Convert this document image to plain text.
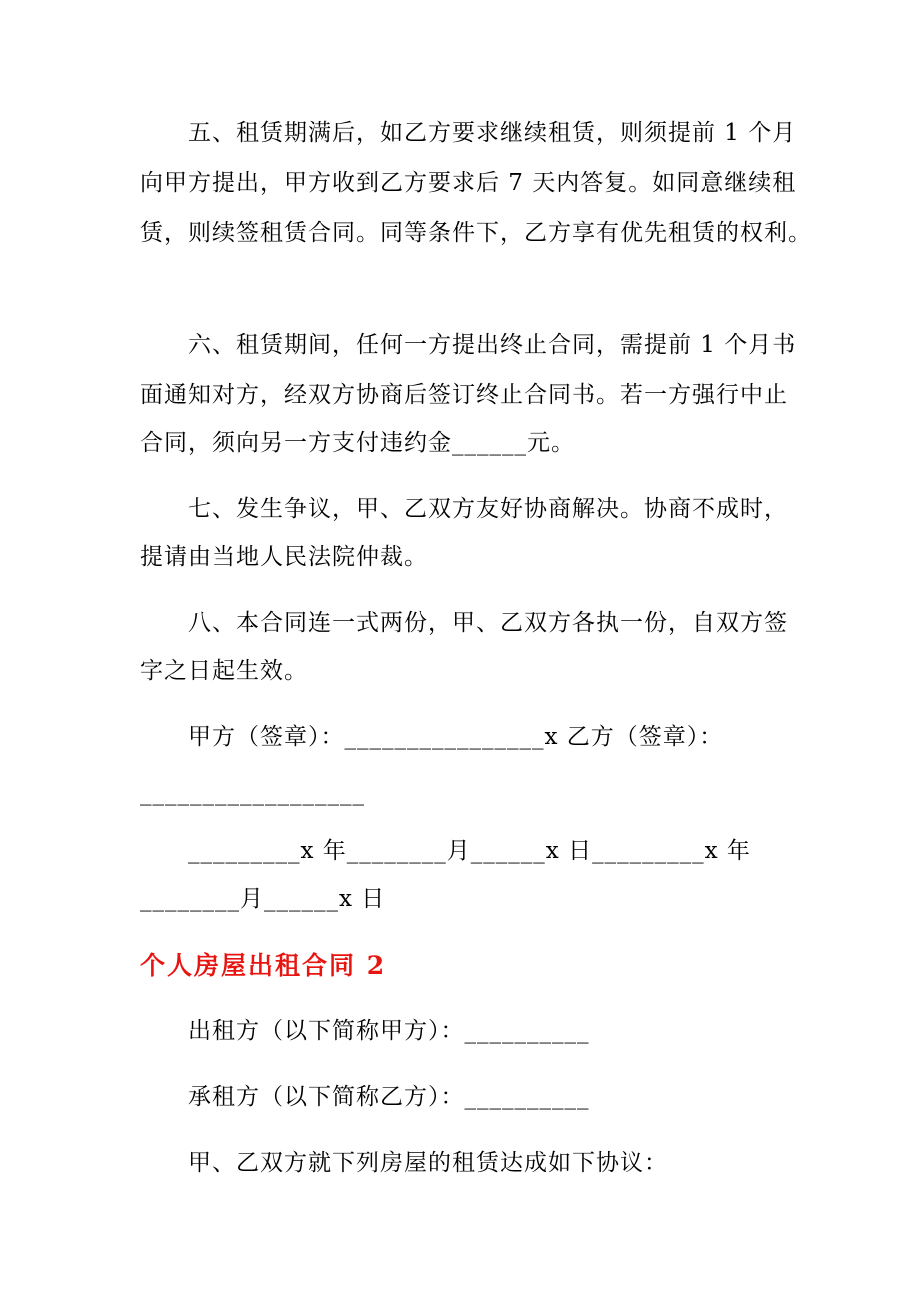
五、租赁期满后，如乙方要求继续租赁，则须提前 1 个月
向甲方提出，甲方收到乙方要求后 7 天内答复。如同意继续租
赁，则续签租赁合同。同等条件下，乙方享有优先租赁的权利。
六、租赁期间，任何一方提出终止合同，需提前 1 个月书
面通知对方，经双方协商后签订终止合同书。若一方强行中止
合同，须向另一方支付违约金______元。
七、发生争议，甲、乙双方友好协商解决。协商不成时，
提请由当地人民法院仲裁。
八、本合同连一式两份，甲、乙双方各执一份，自双方签
字之日起生效。
甲方（签章）：________________x 乙方（签章）：
__________________
_________x 年________月______x 日_________x 年
________月______x 日
个人房屋出租合同 2
出租方（以下简称甲方）：__________
承租方（以下简称乙方）：__________
甲、乙双方就下列房屋的租赁达成如下协议：
